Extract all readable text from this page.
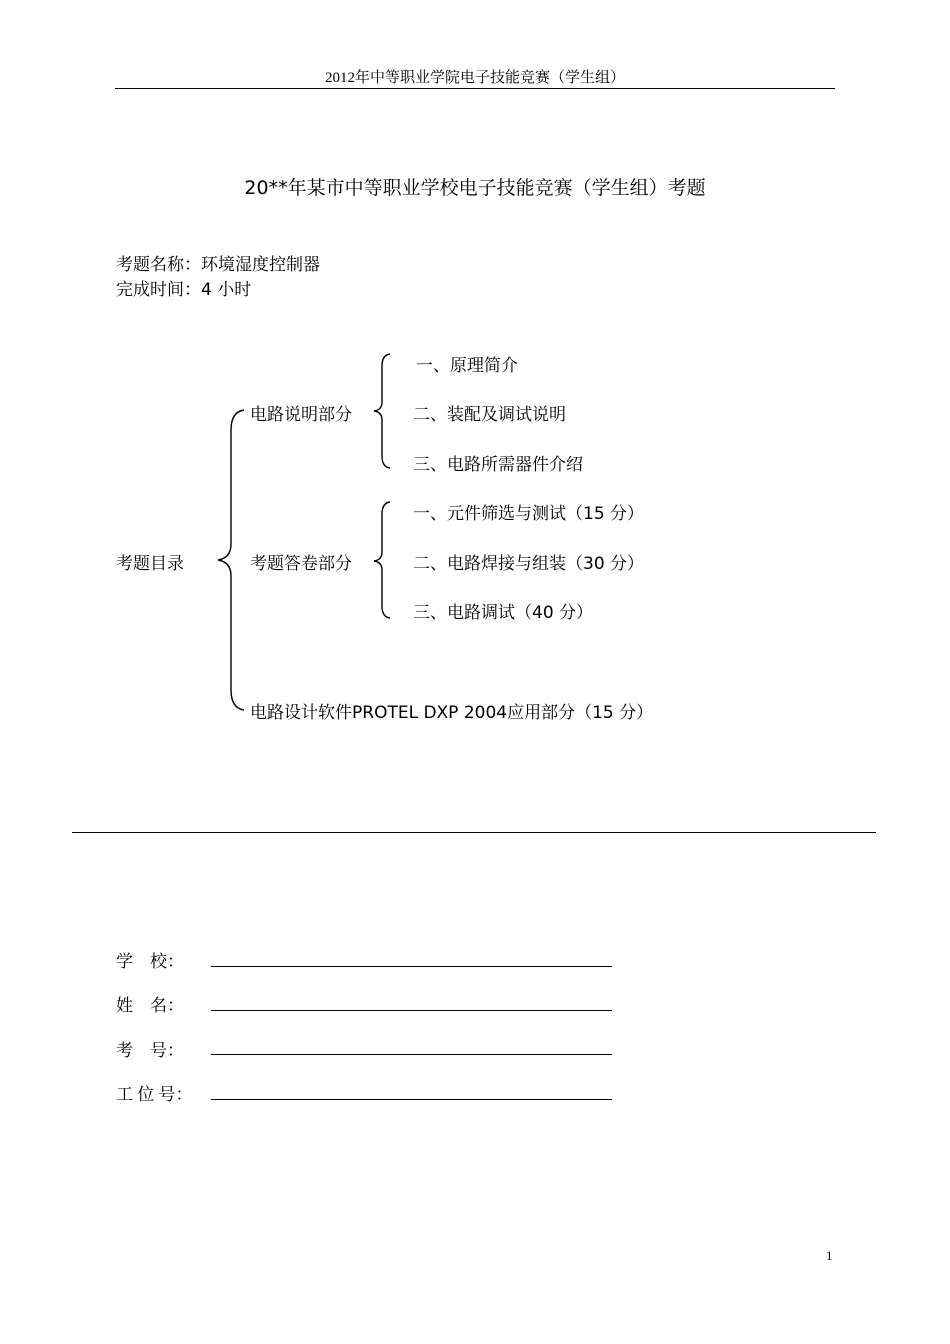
2012年中等职业学院电子技能竞赛（学生组）
20**年某市中等职业学校电子技能竞赛（学生组）考题
考题名称：环境湿度控制器
完成时间：4 小时
考题目录
电路说明部分
一、原理简介
二、装配及调试说明
三、电路所需器件介绍
考题答卷部分
一、元件筛选与测试（15 分）
二、电路焊接与组装（30 分）
三、电路调试（40 分）
电路设计软件PROTEL DXP 2004应用部分（15 分）
学    校：
姓    名：
考    号：
工 位 号：
1
